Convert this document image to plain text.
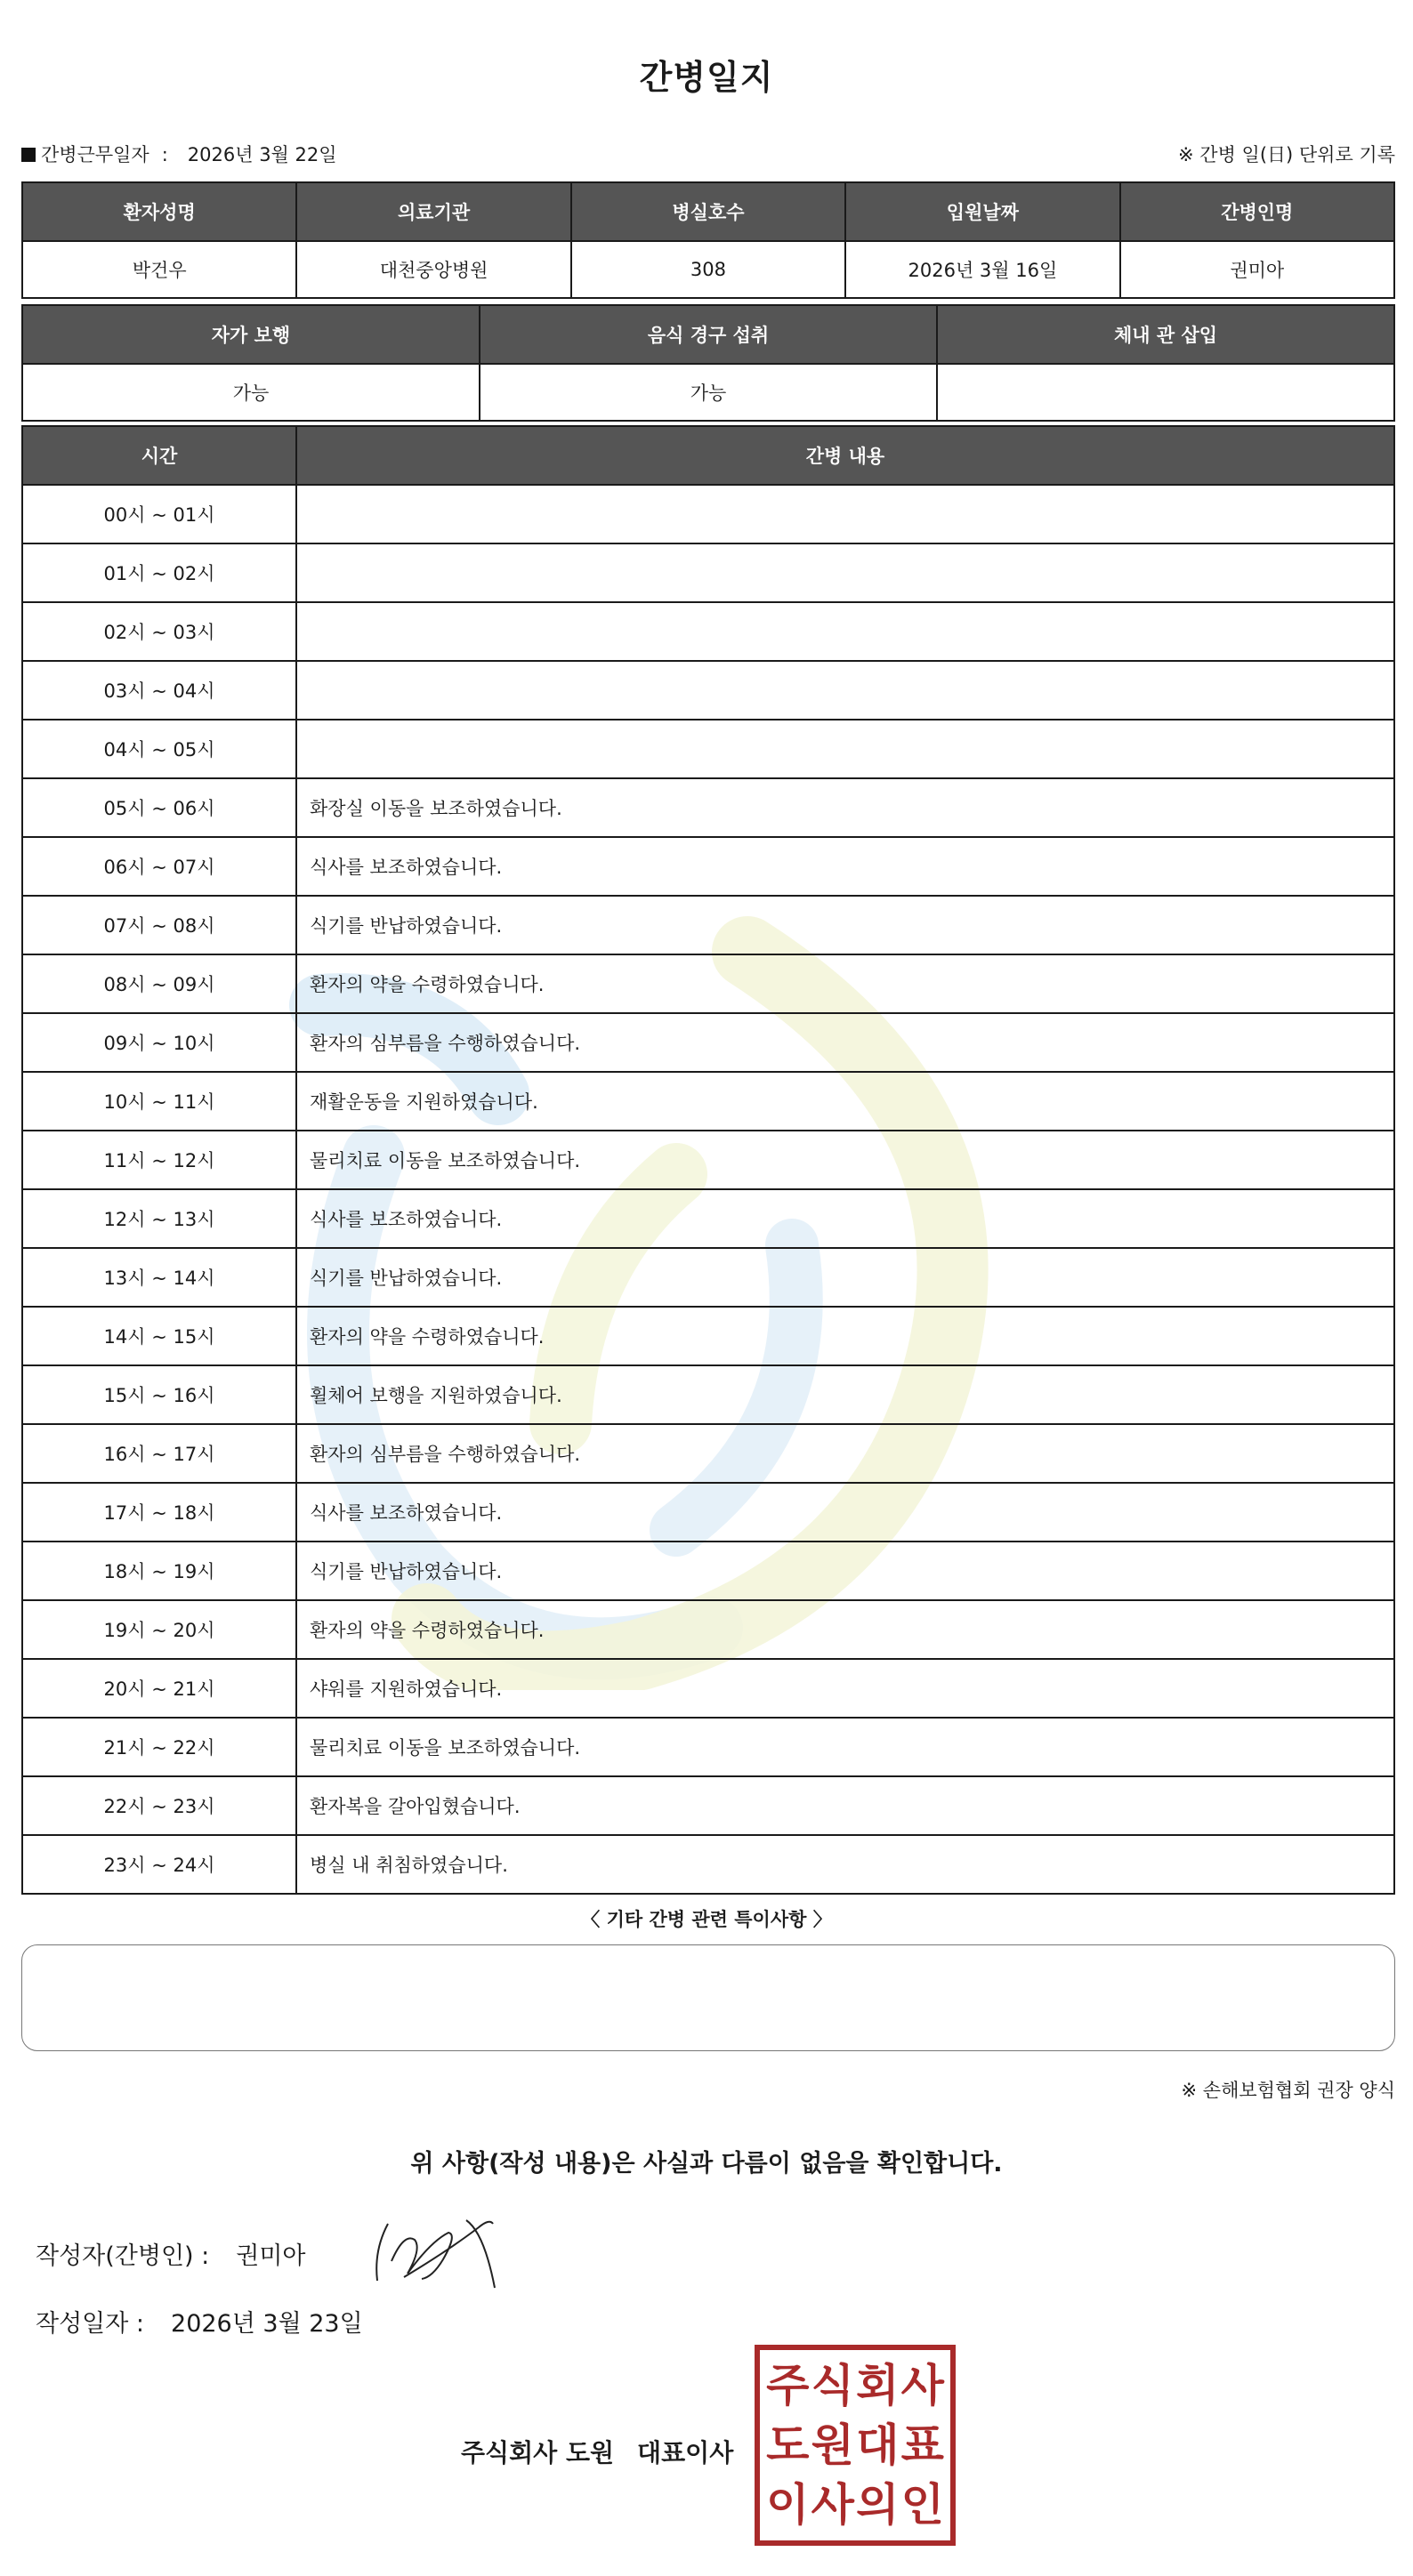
간병일지
간병근무일자 : 2026년 3월 22일	※ 간병 일(日) 단위로 기록
환자성명	의료기관	병실호수	입원날짜	간병인명
박건우	대천중앙병원	308	2026년 3월 16일	권미아
자가 보행	음식 경구 섭취	체내 관 삽입
가능	가능	
시간	간병 내용
00시 ~ 01시	
01시 ~ 02시	
02시 ~ 03시	
03시 ~ 04시	
04시 ~ 05시	
05시 ~ 06시	화장실 이동을 보조하였습니다.
06시 ~ 07시	식사를 보조하였습니다.
07시 ~ 08시	식기를 반납하였습니다.
08시 ~ 09시	환자의 약을 수령하였습니다.
09시 ~ 10시	환자의 심부름을 수행하였습니다.
10시 ~ 11시	재활운동을 지원하였습니다.
11시 ~ 12시	물리치료 이동을 보조하였습니다.
12시 ~ 13시	식사를 보조하였습니다.
13시 ~ 14시	식기를 반납하였습니다.
14시 ~ 15시	환자의 약을 수령하였습니다.
15시 ~ 16시	휠체어 보행을 지원하였습니다.
16시 ~ 17시	환자의 심부름을 수행하였습니다.
17시 ~ 18시	식사를 보조하였습니다.
18시 ~ 19시	식기를 반납하였습니다.
19시 ~ 20시	환자의 약을 수령하였습니다.
20시 ~ 21시	샤워를 지원하였습니다.
21시 ~ 22시	물리치료 이동을 보조하였습니다.
22시 ~ 23시	환자복을 갈아입혔습니다.
23시 ~ 24시	병실 내 취침하였습니다.
〈 기타 간병 관련 특이사항 〉
※ 손해보험협회 권장 양식
위 사항(작성 내용)은 사실과 다름이 없음을 확인합니다.
작성자(간병인) : 권미아
작성일자 : 2026년 3월 23일
주식회사 도원 대표이사
주 식 회 사
도 원 대 표
이 사 의 인
